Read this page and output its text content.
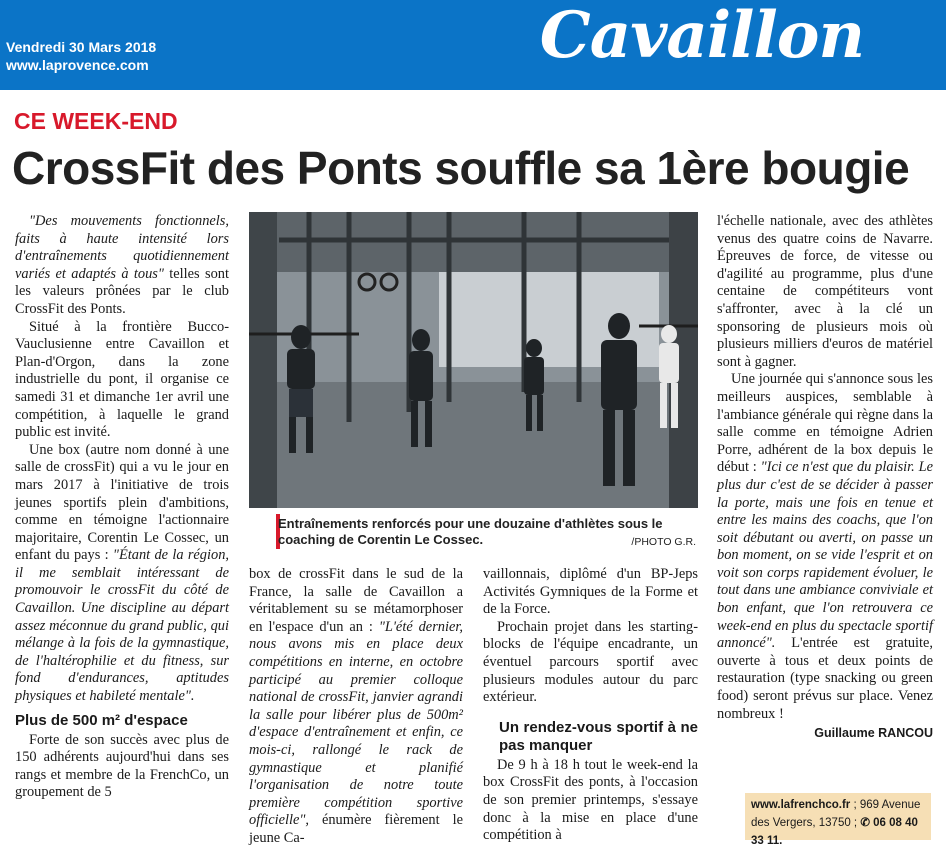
Vendredi 30 Mars 2018
www.laprovence.com	Cavaillon
CE WEEK-END
CrossFit des Ponts souffle sa 1ère bougie

"Des mouvements fonctionnels, faits à haute intensité lors d'entraînements quotidiennement variés et adaptés à tous" telles sont les valeurs prônées par le club CrossFit des Ponts.

Situé à la frontière Bucco-Vauclusienne entre Cavaillon et Plan-d'Orgon, dans la zone industrielle du pont, il organise ce samedi 31 et dimanche 1er avril une compétition, à laquelle le grand public est invité.

Une box (autre nom donné à une salle de crossFit) qui a vu le jour en mars 2017 à l'initiative de trois jeunes sportifs plein d'ambitions, comme en témoigne l'actionnaire majoritaire, Corentin Le Cossec, un enfant du pays : "Étant de la région, il me semblait intéressant de promouvoir le crossFit du côté de Cavaillon. Une discipline au départ assez méconnue du grand public, qui mélange à la fois de la gymnastique, de l'haltérophilie et du fitness, sur fond d'endurances, aptitudes physiques et habileté mentale".

Plus de 500 m² d'espace

Forte de son succès avec plus de 150 adhérents aujourd'hui dans ses rangs et membre de la FrenchCo, un groupement de 5

Entraînements renforcés pour une douzaine d'athlètes sous le coaching de Corentin Le Cossec.	/PHOTO G.R.

box de crossFit dans le sud de la France, la salle de Cavaillon a véritablement su se métamorphoser en l'espace d'un an : "L'été dernier, nous avons mis en place deux compétitions en interne, en octobre participé au premier colloque national de crossFit, janvier agrandi la salle pour libérer plus de 500m² d'espace d'entraînement et enfin, ce mois-ci, rallongé le rack de gymnastique et planifié l'organisation de notre toute première compétition sportive officielle", énumère fièrement le jeune Ca-

vaillonnais, diplômé d'un BP-Jeps Activités Gymniques de la Forme et de la Force.

Prochain projet dans les starting-blocks de l'équipe encadrante, un éventuel parcours sportif avec plusieurs modules autour du parc extérieur.

Un rendez-vous sportif à ne pas manquer

De 9 h à 18 h tout le week-end la box CrossFit des ponts, à l'occasion de son premier printemps, s'essaye donc à la mise en place d'une compétition à

l'échelle nationale, avec des athlètes venus des quatre coins de Navarre. Épreuves de force, de vitesse ou d'agilité au programme, plus d'une centaine de compétiteurs vont s'affronter, avec à la clé un sponsoring de plusieurs mois où plusieurs milliers d'euros de matériel sont à gagner.

Une journée qui s'annonce sous les meilleurs auspices, semblable à l'ambiance générale qui règne dans la salle comme en témoigne Adrien Porre, adhérent de la box depuis le début : "Ici ce n'est que du plaisir. Le plus dur c'est de se décider à passer la porte, mais une fois en tenue et entre les mains des coachs, que l'on soit débutant ou averti, on passe un bon moment, on se vide l'esprit et on voit son corps rapidement évoluer, le tout dans une ambiance conviviale et bon enfant, que l'on retrouvera ce week-end en plus du spectacle sportif annoncé". L'entrée est gratuite, ouverte à tous et deux points de restauration (type snacking ou green food) seront prévus sur place. Venez nombreux !

Guillaume RANCOU
www.lafrenchco.fr ; 969 Avenue des Vergers, 13750 ; ✆ 06 08 40 33 11.
